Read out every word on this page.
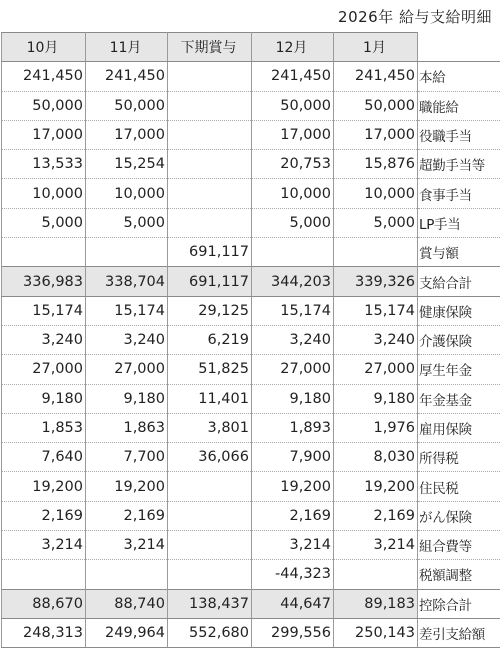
2026年 給与支給明細
10月	11月	下期賞与	12月	1月	
241,450	241,450		241,450	241,450	本給
50,000	50,000		50,000	50,000	職能給
17,000	17,000		17,000	17,000	役職手当
13,533	15,254		20,753	15,876	超勤手当等
10,000	10,000		10,000	10,000	食事手当
5,000	5,000		5,000	5,000	LP手当
		691,117			賞与額
336,983	338,704	691,117	344,203	339,326	支給合計
15,174	15,174	29,125	15,174	15,174	健康保険
3,240	3,240	6,219	3,240	3,240	介護保険
27,000	27,000	51,825	27,000	27,000	厚生年金
9,180	9,180	11,401	9,180	9,180	年金基金
1,853	1,863	3,801	1,893	1,976	雇用保険
7,640	7,700	36,066	7,900	8,030	所得税
19,200	19,200		19,200	19,200	住民税
2,169	2,169		2,169	2,169	がん保険
3,214	3,214		3,214	3,214	組合費等
			-44,323		税額調整
88,670	88,740	138,437	44,647	89,183	控除合計
248,313	249,964	552,680	299,556	250,143	差引支給額
